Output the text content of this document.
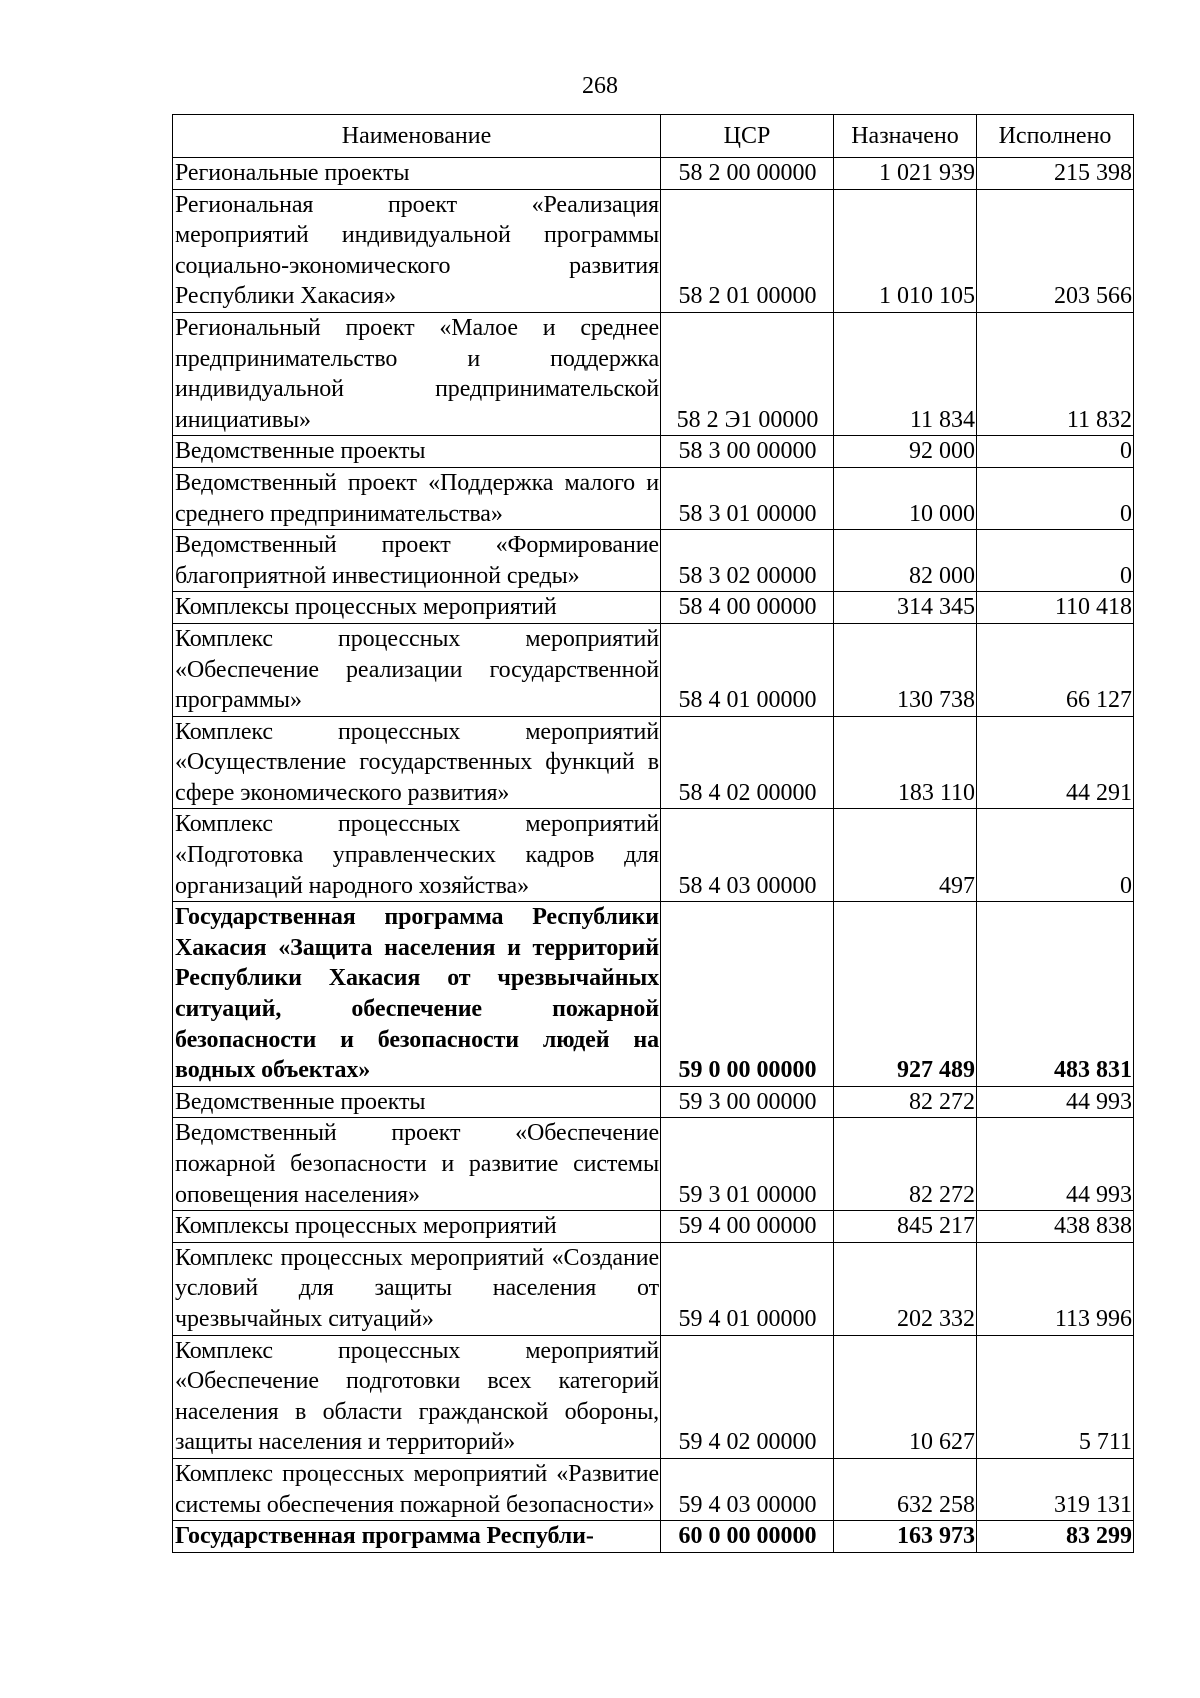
268
Наименование	ЦСР	Назначено	Исполнено
Региональные проекты	58 2 00 00000	1 021 939	215 398
Региональная проект «Реализация мероприятий индивидуальной программы социально-экономического развития Республики Хакасия»	58 2 01 00000	1 010 105	203 566
Региональный проект «Малое и среднее предпринимательство и поддержка индивидуальной предпринимательской инициативы»	58 2 Э1 00000	11 834	11 832
Ведомственные проекты	58 3 00 00000	92 000	0
Ведомственный проект «Поддержка малого и среднего предпринимательства»	58 3 01 00000	10 000	0
Ведомственный проект «Формирование благоприятной инвестиционной среды»	58 3 02 00000	82 000	0
Комплексы процессных мероприятий	58 4 00 00000	314 345	110 418
Комплекс процессных мероприятий «Обеспечение реализации государственной программы»	58 4 01 00000	130 738	66 127
Комплекс процессных мероприятий «Осуществление государственных функций в сфере экономического развития»	58 4 02 00000	183 110	44 291
Комплекс процессных мероприятий «Подготовка управленческих кадров для организаций народного хозяйства»	58 4 03 00000	497	0
Государственная программа Республики Хакасия «Защита населения и территорий Республики Хакасия от чрезвычайных ситуаций, обеспечение пожарной безопасности и безопасности людей на водных объектах»	59 0 00 00000	927 489	483 831
Ведомственные проекты	59 3 00 00000	82 272	44 993
Ведомственный проект «Обеспечение пожарной безопасности и развитие системы оповещения населения»	59 3 01 00000	82 272	44 993
Комплексы процессных мероприятий	59 4 00 00000	845 217	438 838
Комплекс процессных мероприятий «Создание условий для защиты населения от чрезвычайных ситуаций»	59 4 01 00000	202 332	113 996
Комплекс процессных мероприятий «Обеспечение подготовки всех категорий населения в области гражданской обороны, защиты населения и территорий»	59 4 02 00000	10 627	5 711
Комплекс процессных мероприятий «Развитие системы обеспечения пожарной безопасности»	59 4 03 00000	632 258	319 131
Государственная программа Республи-	60 0 00 00000	163 973	83 299
